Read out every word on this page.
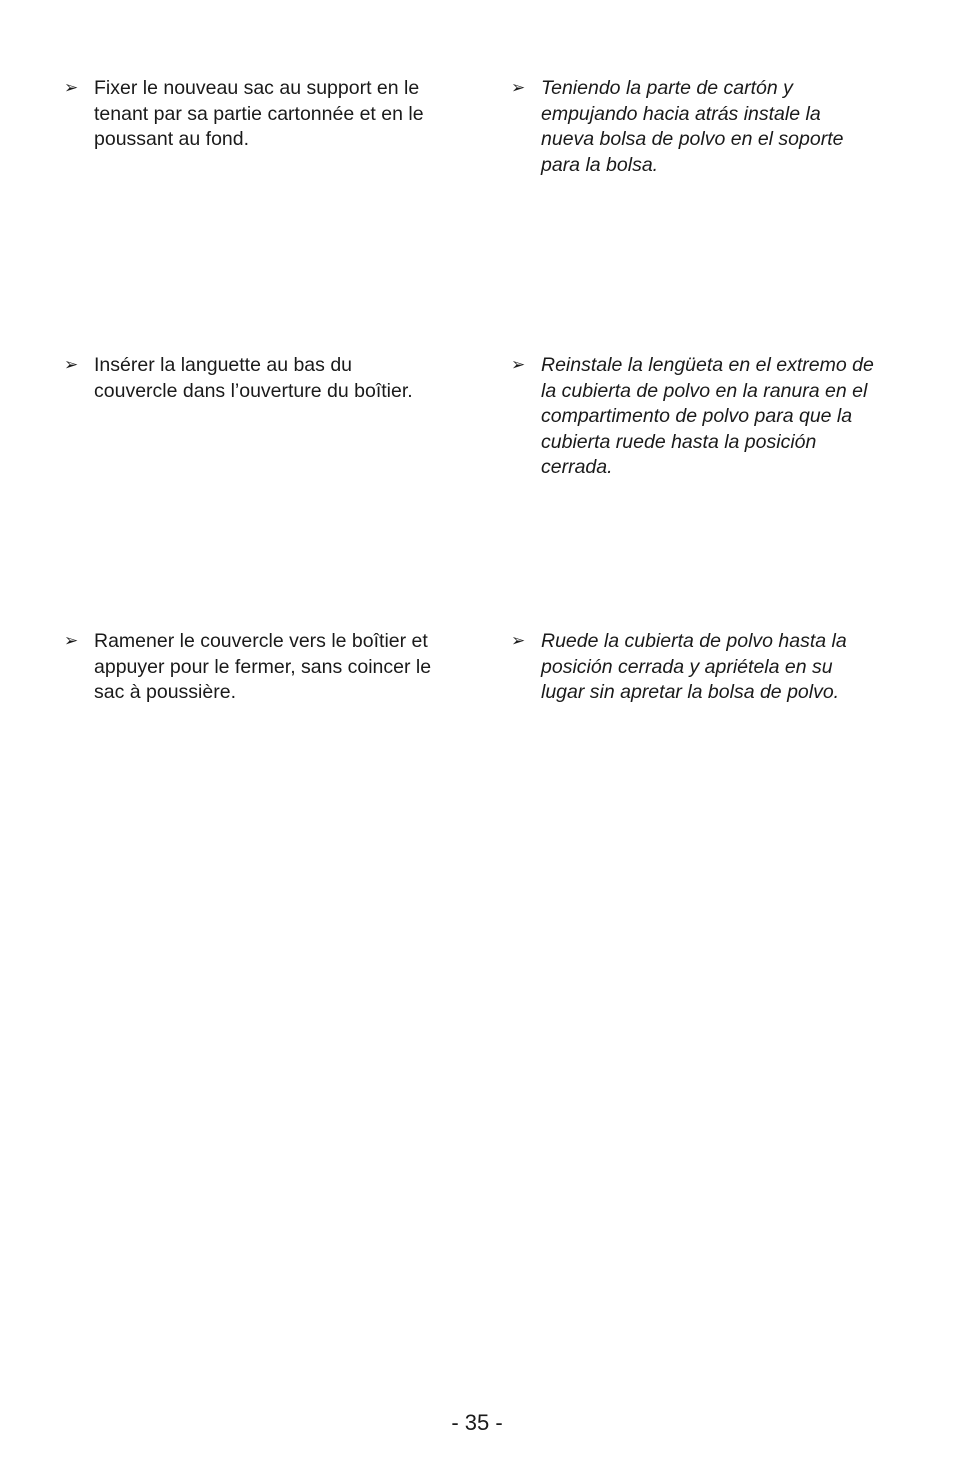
➢ Fixer le nouveau sac au support en le
tenant par sa partie cartonnée et en le
poussant au fond.
➢ Teniendo la parte de cartón y
empujando hacia atrás instale la
nueva bolsa de polvo en el soporte
para la bolsa.
➢ Insérer la languette au bas du
couvercle dans l’ouverture du boîtier.
➢ Reinstale la lengüeta en el extremo de
la cubierta de polvo en la ranura en el
compartimento de polvo para que la
cubierta ruede hasta la posición
cerrada.
➢ Ramener le couvercle vers le boîtier et
appuyer pour le fermer, sans coincer le
sac à poussière.
➢ Ruede la cubierta de polvo hasta la
posición cerrada y apriétela en su
lugar sin apretar la bolsa de polvo.
- 35 -
